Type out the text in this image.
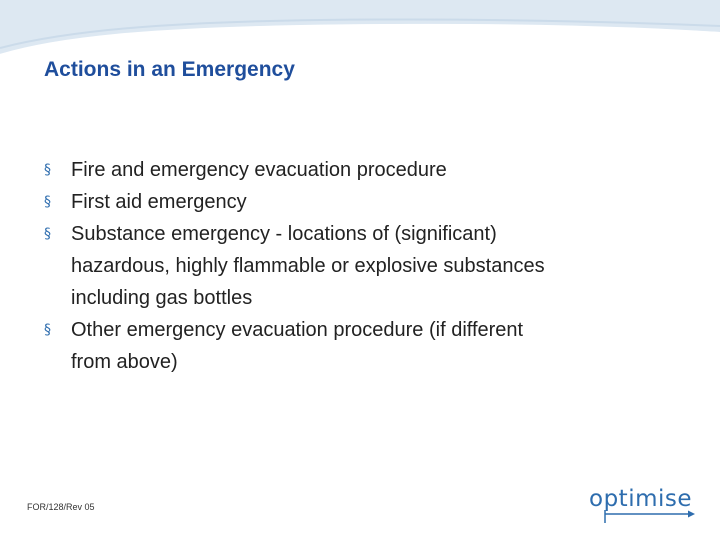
Actions in an Emergency
§ Fire and emergency evacuation procedure
§ First aid emergency
§ Substance emergency - locations of (significant)
hazardous, highly flammable or explosive substances
including gas bottles
§ Other emergency evacuation procedure (if different
from above)
FOR/128/Rev 05	optimise
